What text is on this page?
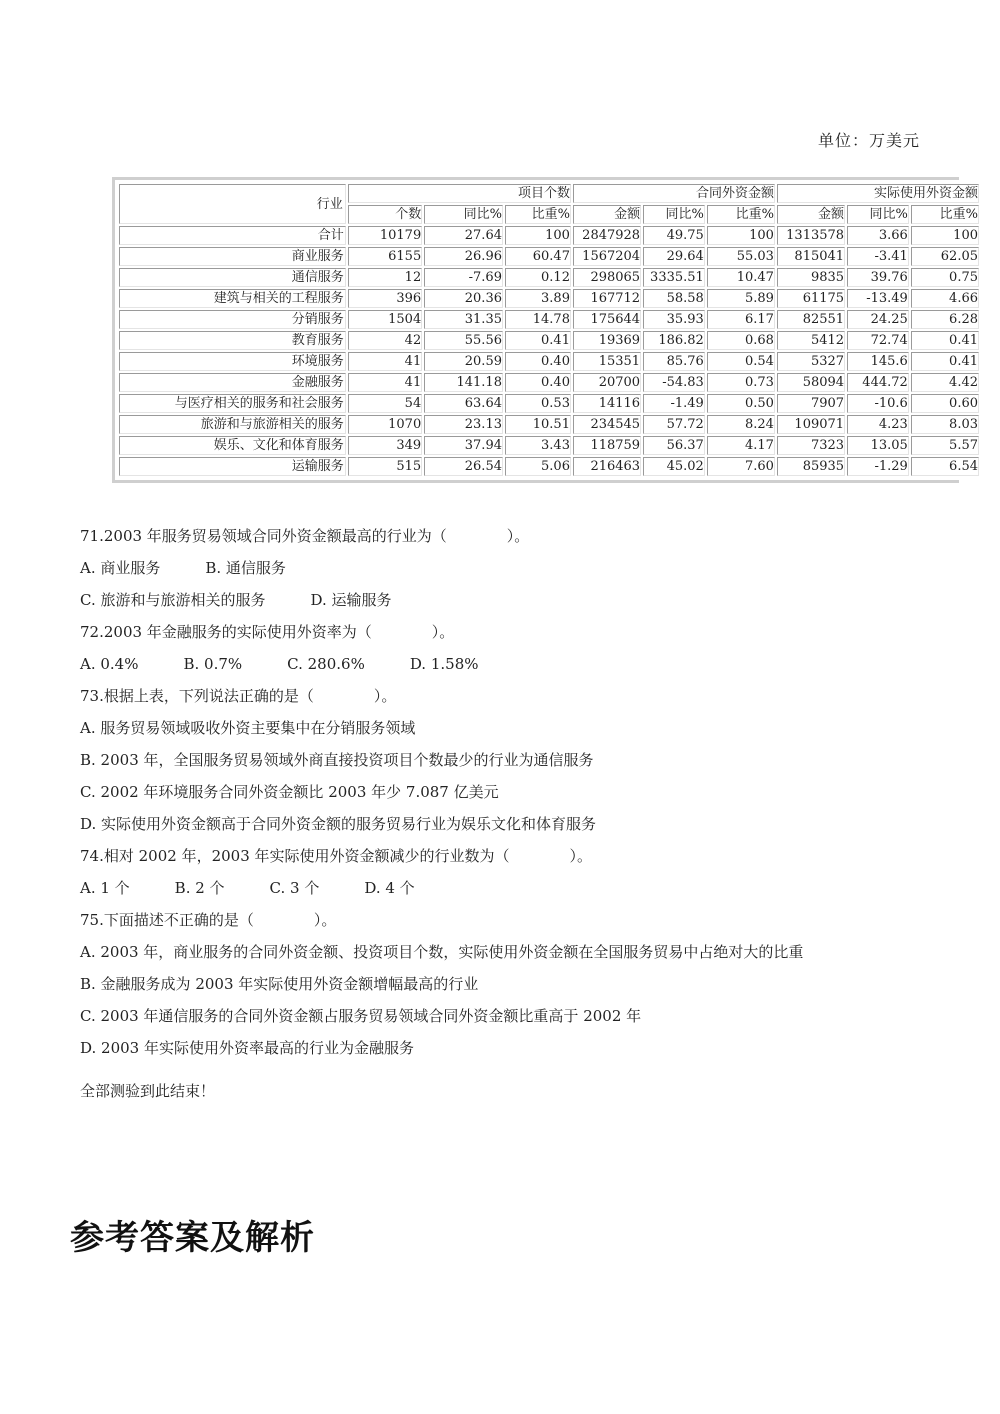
单位：万美元
行业	项目个数			合同外资金额			实际使用外资金额		
	个数	同比%	比重%	金额	同比%	比重%	金额	同比%	比重%
合计	10179	27.64	100	2847928	49.75	100	1313578	3.66	100
商业服务	6155	26.96	60.47	1567204	29.64	55.03	815041	-3.41	62.05
通信服务	12	-7.69	0.12	298065	3335.51	10.47	9835	39.76	0.75
建筑与相关的工程服务	396	20.36	3.89	167712	58.58	5.89	61175	-13.49	4.66
分销服务	1504	31.35	14.78	175644	35.93	6.17	82551	24.25	6.28
教育服务	42	55.56	0.41	19369	186.82	0.68	5412	72.74	0.41
环境服务	41	20.59	0.40	15351	85.76	0.54	5327	145.6	0.41
金融服务	41	141.18	0.40	20700	-54.83	0.73	58094	444.72	4.42
与医疗相关的服务和社会服务	54	63.64	0.53	14116	-1.49	0.50	7907	-10.6	0.60
旅游和与旅游相关的服务	1070	23.13	10.51	234545	57.72	8.24	109071	4.23	8.03
娱乐、文化和体育服务	349	37.94	3.43	118759	56.37	4.17	7323	13.05	5.57
运输服务	515	26.54	5.06	216463	45.02	7.60	85935	-1.29	6.54

71.2003 年服务贸易领域合同外资金额最高的行业为（　　　　）。

A. 商业服务　　　B. 通信服务

C. 旅游和与旅游相关的服务　　　D. 运输服务

72.2003 年金融服务的实际使用外资率为（　　　　）。

A. 0.4%　　　B. 0.7%　　　C. 280.6%　　　D. 1.58%

73.根据上表，下列说法正确的是（　　　　）。

A. 服务贸易领域吸收外资主要集中在分销服务领域

B. 2003 年，全国服务贸易领域外商直接投资项目个数最少的行业为通信服务

C. 2002 年环境服务合同外资金额比 2003 年少 7.087 亿美元

D. 实际使用外资金额高于合同外资金额的服务贸易行业为娱乐文化和体育服务

74.相对 2002 年，2003 年实际使用外资金额减少的行业数为（　　　　）。

A. 1 个　　　B. 2 个　　　C. 3 个　　　D. 4 个

75.下面描述不正确的是（　　　　）。

A. 2003 年，商业服务的合同外资金额、投资项目个数，实际使用外资金额在全国服务贸易中占绝对大的比重

B. 金融服务成为 2003 年实际使用外资金额增幅最高的行业

C. 2003 年通信服务的合同外资金额占服务贸易领域合同外资金额比重高于 2002 年

D. 2003 年实际使用外资率最高的行业为金融服务

全部测验到此结束！
参考答案及解析
